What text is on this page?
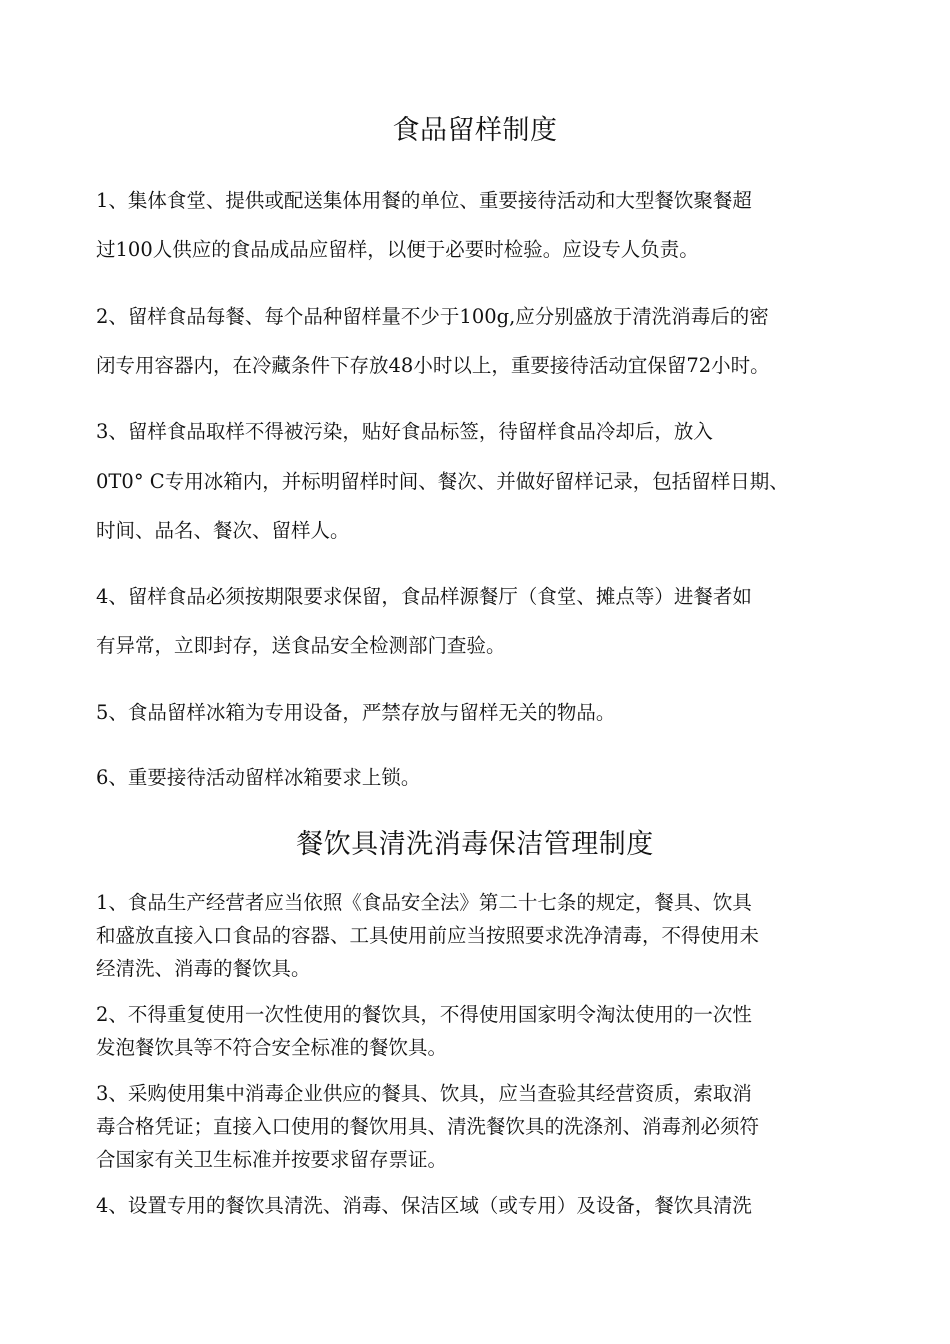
食品留样制度
1、集体食堂、提供或配送集体用餐的单位、重要接待活动和大型餐饮聚餐超
过100人供应的食品成品应留样，以便于必要时检验。应设专人负责。
2、留样食品每餐、每个品种留样量不少于100g,应分别盛放于清洗消毒后的密
闭专用容器内，在冷藏条件下存放48小时以上，重要接待活动宜保留72小时。
3、留样食品取样不得被污染，贴好食品标签，待留样食品冷却后，放入
0T0° C专用冰箱内，并标明留样时间、餐次、并做好留样记录，包括留样日期、
时间、品名、餐次、留样人。
4、留样食品必须按期限要求保留，食品样源餐厅（食堂、摊点等）进餐者如
有异常，立即封存，送食品安全检测部门查验。
5、食品留样冰箱为专用设备，严禁存放与留样无关的物品。
6、重要接待活动留样冰箱要求上锁。
餐饮具清洗消毒保洁管理制度
1、食品生产经营者应当依照《食品安全法》第二十七条的规定，餐具、饮具
和盛放直接入口食品的容器、工具使用前应当按照要求洗净清毒，不得使用未
经清洗、消毒的餐饮具。
2、不得重复使用一次性使用的餐饮具，不得使用国家明令淘汰使用的一次性
发泡餐饮具等不符合安全标准的餐饮具。
3、采购使用集中消毒企业供应的餐具、饮具，应当查验其经营资质，索取消
毒合格凭证；直接入口使用的餐饮用具、清洗餐饮具的洗涤剂、消毒剂必须符
合国家有关卫生标准并按要求留存票证。
4、设置专用的餐饮具清洗、消毒、保洁区域（或专用）及设备，餐饮具清洗
